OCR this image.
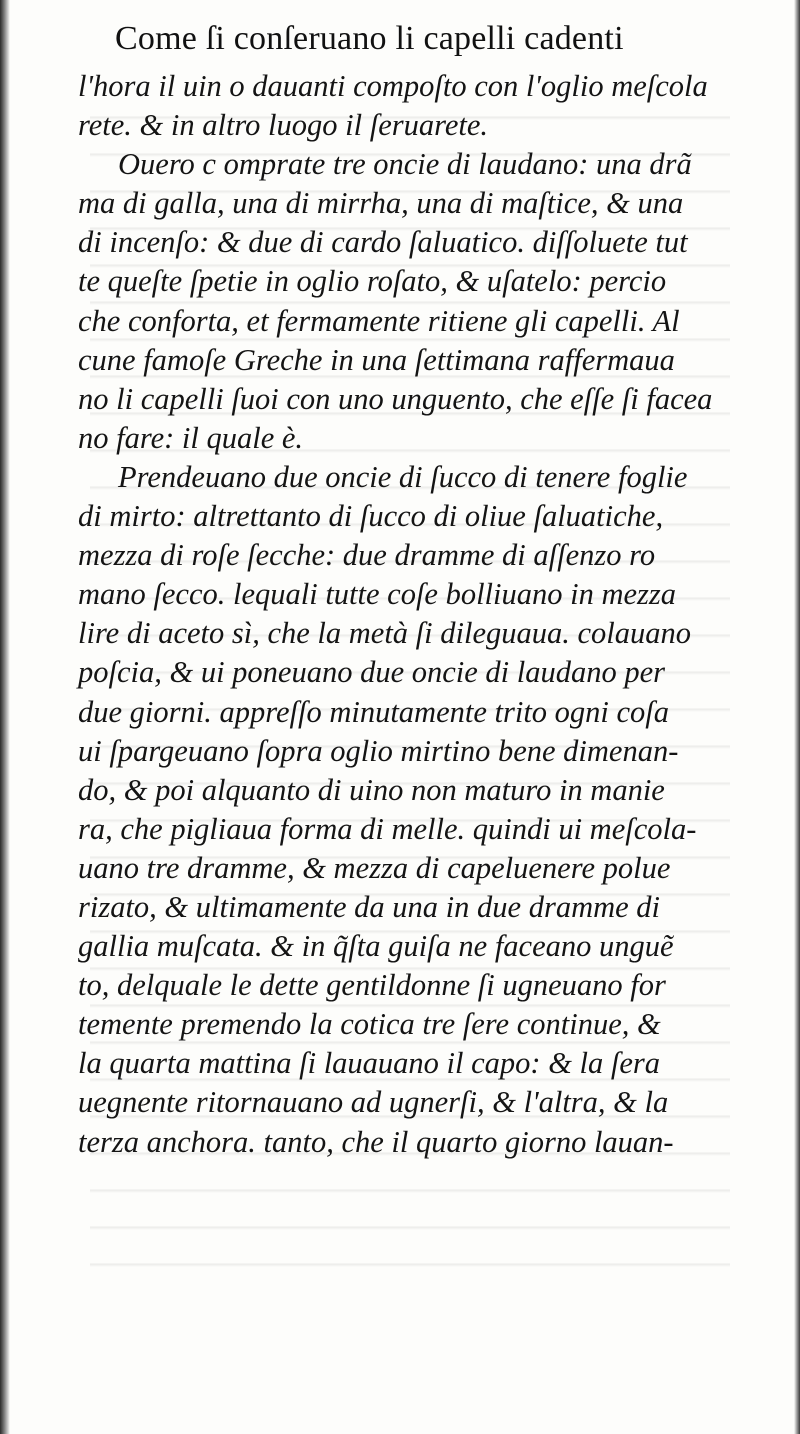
Come ſi conſeruano li capelli cadenti
l'hora il uin o dauanti compoſto con l'oglio meſcola
rete. & in altro luogo il ſeruarete.
Ouero c omprate tre oncie di laudano: una drã
ma di galla, una di mirrha, una di maſtice, & una
di incenſo: & due di cardo ſaluatico. diſſoluete tut
te queſte ſpetie in oglio roſato, & uſatelo: percio
che conforta, et fermamente ritiene gli capelli. Al
cune famoſe Greche in una ſettimana raffermaua
no li capelli ſuoi con uno unguento, che eſſe ſi facea
no fare: il quale è.
Prendeuano due oncie di ſucco di tenere foglie
di mirto: altrettanto di ſucco di oliue ſaluatiche,
mezza di roſe ſecche: due dramme di aſſenzo ro
mano ſecco. lequali tutte coſe bolliuano in mezza
lire di aceto sì, che la metà ſi dileguaua. colauano
poſcia, & ui poneuano due oncie di laudano per
due giorni. appreſſo minutamente trito ogni coſa
ui ſpargeuano ſopra oglio mirtino bene dimenan-
do, & poi alquanto di uino non maturo in manie
ra, che pigliaua forma di melle. quindi ui meſcola-
uano tre dramme, & mezza di capeluenere polue
rizato, & ultimamente da una in due dramme di
gallia muſcata. & in q̃ſta guiſa ne faceano unguẽ
to, delquale le dette gentildonne ſi ugneuano for
temente premendo la cotica tre ſere continue, &
la quarta mattina ſi lauauano il capo: & la ſera
uegnente ritornauano ad ugnerſi, & l'altra, & la
terza anchora. tanto, che il quarto giorno lauan-
